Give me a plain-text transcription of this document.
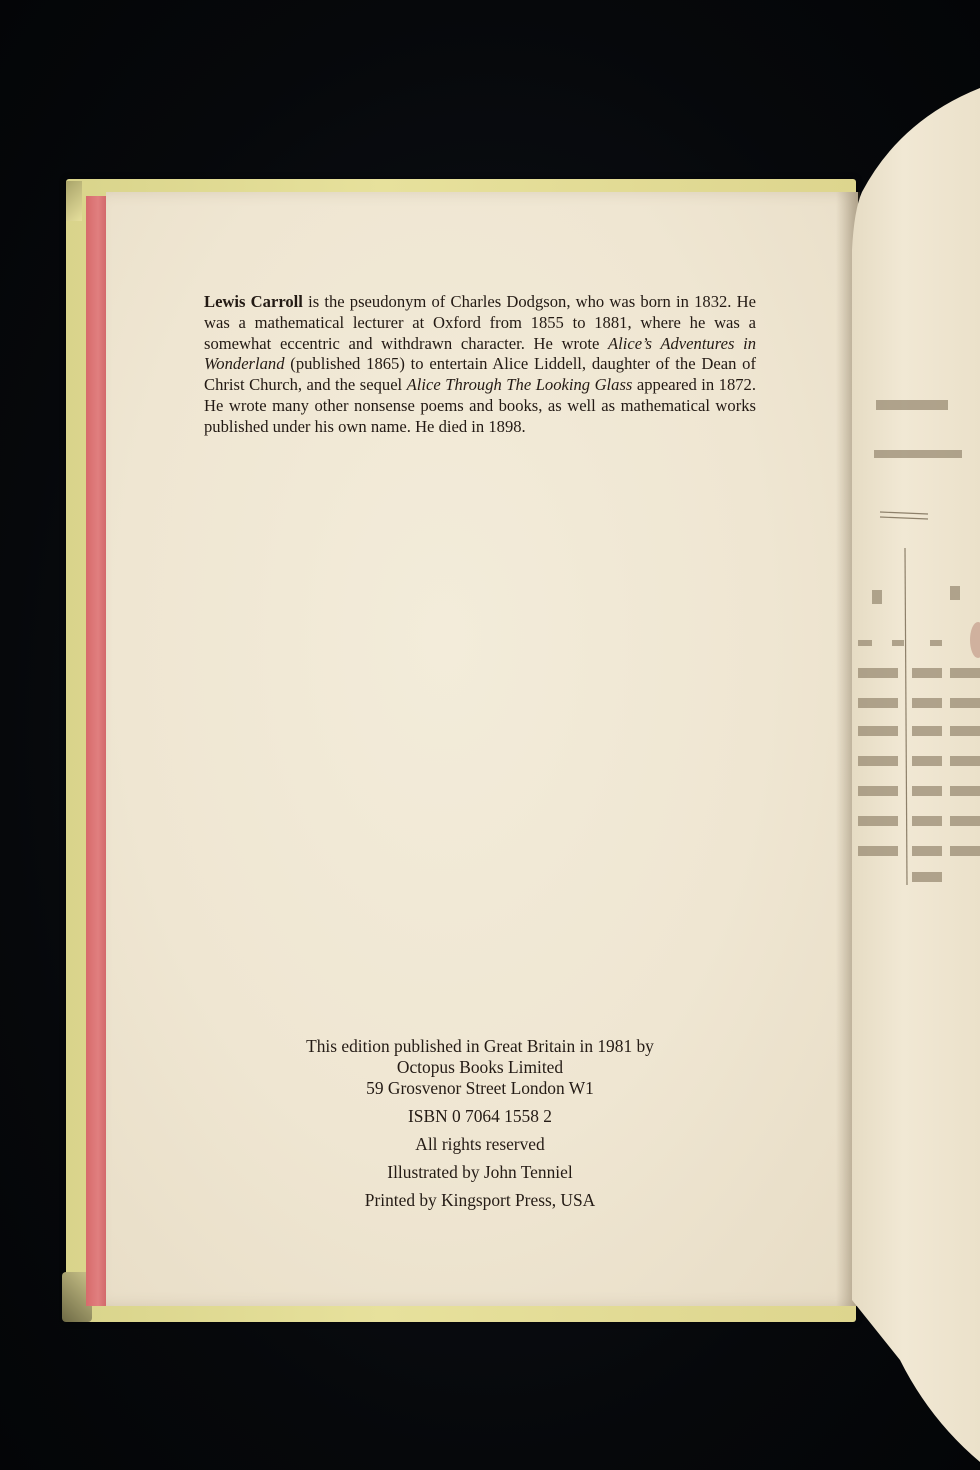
Lewis Carroll is the pseudonym of Charles Dodgson, who was born in 1832. He was a mathematical lecturer at Oxford from 1855 to 1881, where he was a somewhat eccentric and withdrawn character. He wrote Alice’s Adventures in Wonderland (published 1865) to entertain Alice Liddell, daughter of the Dean of Christ Church, and the sequel Alice Through The Looking Glass appeared in 1872. He wrote many other nonsense poems and books, as well as mathematical works published under his own name. He died in 1898.
This edition published in Great Britain in 1981 by
Octopus Books Limited
59 Grosvenor Street London W1
ISBN 0 7064 1558 2
All rights reserved
Illustrated by John Tenniel
Printed by Kingsport Press, USA
